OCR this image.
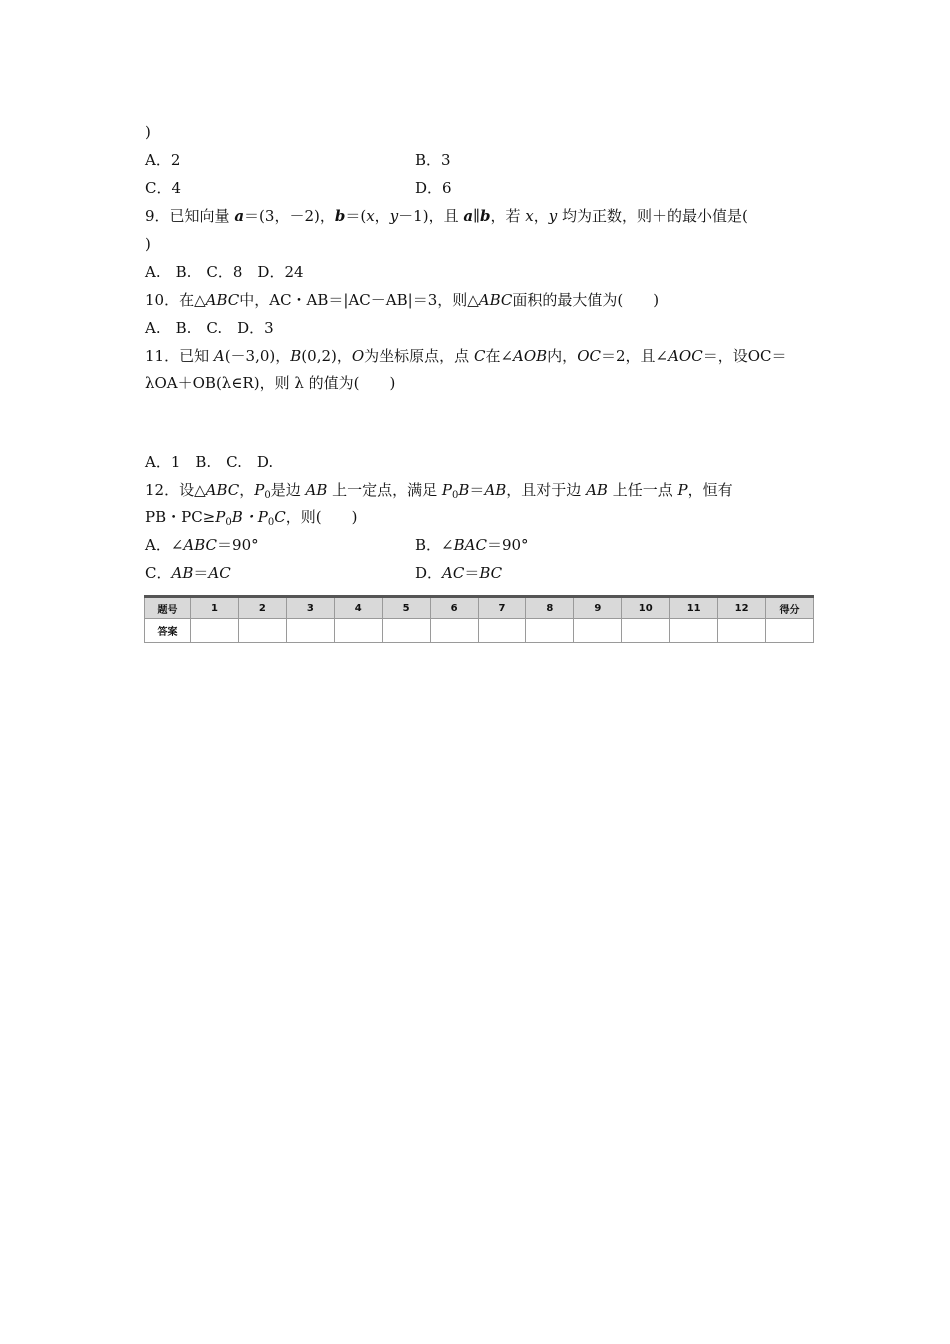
)
A．2	B．3
C．4	D．6
9．已知向量 a＝(3，－2)，b＝(x，y－1)，且 a∥b，若 x，y 均为正数，则＋的最小值是(
)
A.　B.　C．8　D．24
10．在△ABC中，AC・AB＝|AC－AB|＝3，则△ABC面积的最大值为(　　)
A.　B.　C.　D．3
11．已知 A(－3,0)，B(0,2)，O为坐标原点，点 C在∠AOB内，OC＝2，且∠AOC＝，设OC＝
λOA＋OB(λ∈R)，则 λ 的值为(　　)
A．1　B.　C.　D.
12．设△ABC，$P_0$是边 AB 上一定点，满足 $P_0B=AB$，且对于边 AB 上任一点 P，恒有
PB・$PC\ge P_0B$・$P_0C$，则(　　)
A．∠ABC＝90°	B．∠BAC＝90°
C．AB＝AC	D．AC＝BC
题号	1	2	3	4	5	6	7	8	9	10	11	12	得分
答案													
